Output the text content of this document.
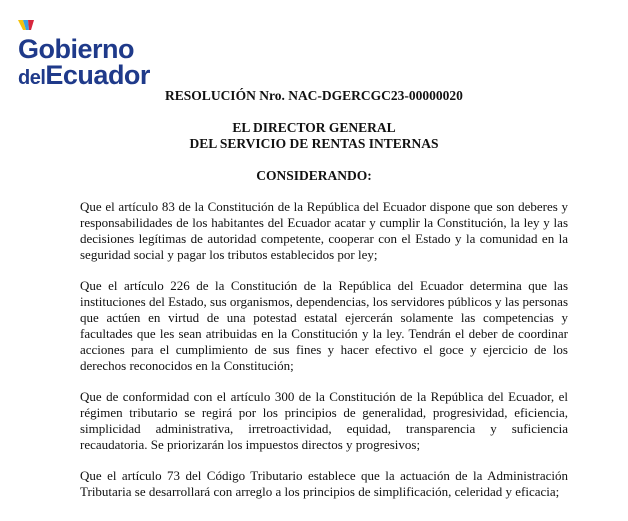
Gobierno
delEcuador
RESOLUCIÓN Nro. NAC-DGERCGC23-00000020
EL DIRECTOR GENERAL
DEL SERVICIO DE RENTAS INTERNAS
CONSIDERANDO:

Que el artículo 83 de la Constitución de la República del Ecuador dispone que son deberes y responsabilidades de los habitantes del Ecuador acatar y cumplir la Constitución, la ley y las decisiones legítimas de autoridad competente, cooperar con el Estado y la comunidad en la seguridad social y pagar los tributos establecidos por ley;

Que el artículo 226 de la Constitución de la República del Ecuador determina que las instituciones del Estado, sus organismos, dependencias, los servidores públicos y las personas que actúen en virtud de una potestad estatal ejercerán solamente las competencias y facultades que les sean atribuidas en la Constitución y la ley. Tendrán el deber de coordinar acciones para el cumplimiento de sus fines y hacer efectivo el goce y ejercicio de los derechos reconocidos en la Constitución;

Que de conformidad con el artículo 300 de la Constitución de la República del Ecuador, el régimen tributario se regirá por los principios de generalidad, progresividad, eficiencia, simplicidad administrativa, irretroactividad, equidad, transparencia y suficiencia recaudatoria. Se priorizarán los impuestos directos y progresivos;

Que el artículo 73 del Código Tributario establece que la actuación de la Administración Tributaria se desarrollará con arreglo a los principios de simplificación, celeridad y eficacia;
